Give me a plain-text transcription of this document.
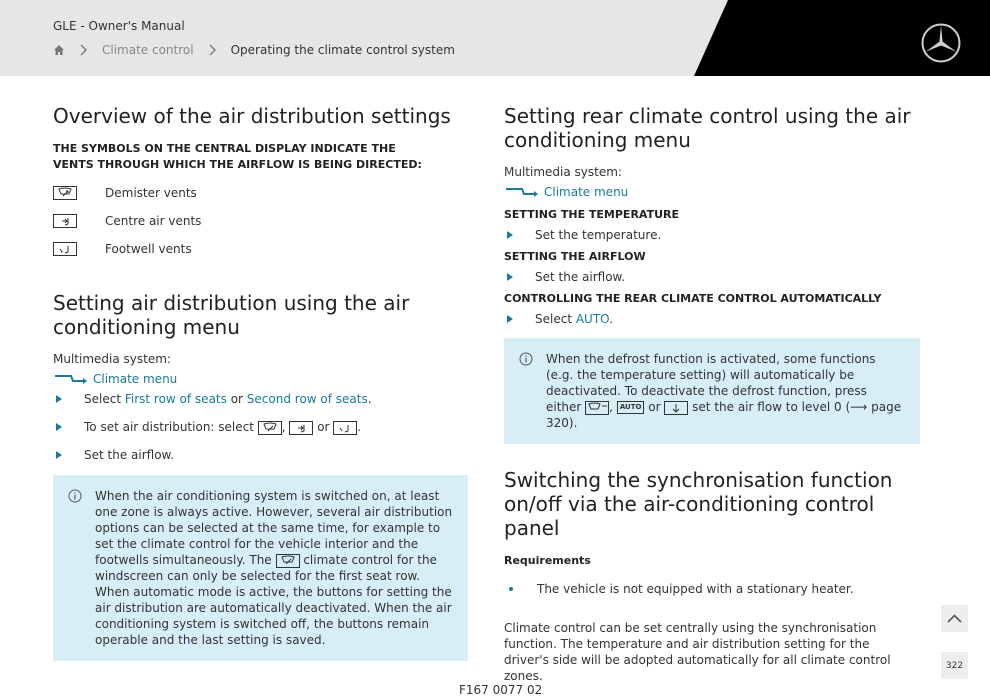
GLE - Owner's Manual
Climate control	Operating the climate control system
Overview of the air distribution settings
THE SYMBOLS ON THE CENTRAL DISPLAY INDICATE THE VENTS THROUGH WHICH THE AIRFLOW IS BEING DIRECTED:
Demister vents
Centre air vents
Footwell vents
Setting air distribution using the air conditioning menu
Multimedia system:
Climate menu
Select First row of seats or Second row of seats.
To set air distribution: select ,  or .
Set the airflow.
When the air conditioning system is switched on, at least one zone is always active. However, several air distribution options can be selected at the same time, for example to set the climate control for the vehicle interior and the footwells simultaneously. The  climate control for the windscreen can only be selected for the first seat row. When automatic mode is active, the buttons for setting the air distribution are automatically deactivated. When the air conditioning system is switched off, the buttons remain operable and the last setting is saved.
Setting rear climate control using the air conditioning menu
Multimedia system:
Climate menu
SETTING THE TEMPERATURE
Set the temperature.
SETTING THE AIRFLOW
Set the airflow.
CONTROLLING THE REAR CLIMATE CONTROL AUTOMATICALLY
Select AUTO.
When the defrost function is activated, some functions (e.g. the temperature setting) will automatically be deactivated. To deactivate the defrost function, press either , AUTO or  set the air flow to level 0 (⟶ page 320).
Switching the synchronisation function on/off via the air-conditioning control panel
Requirements
The vehicle is not equipped with a stationary heater.
Climate control can be set centrally using the synchronisation function. The temperature and air distribution setting for the driver's side will be adopted automatically for all climate control zones.
322
F167 0077 02
